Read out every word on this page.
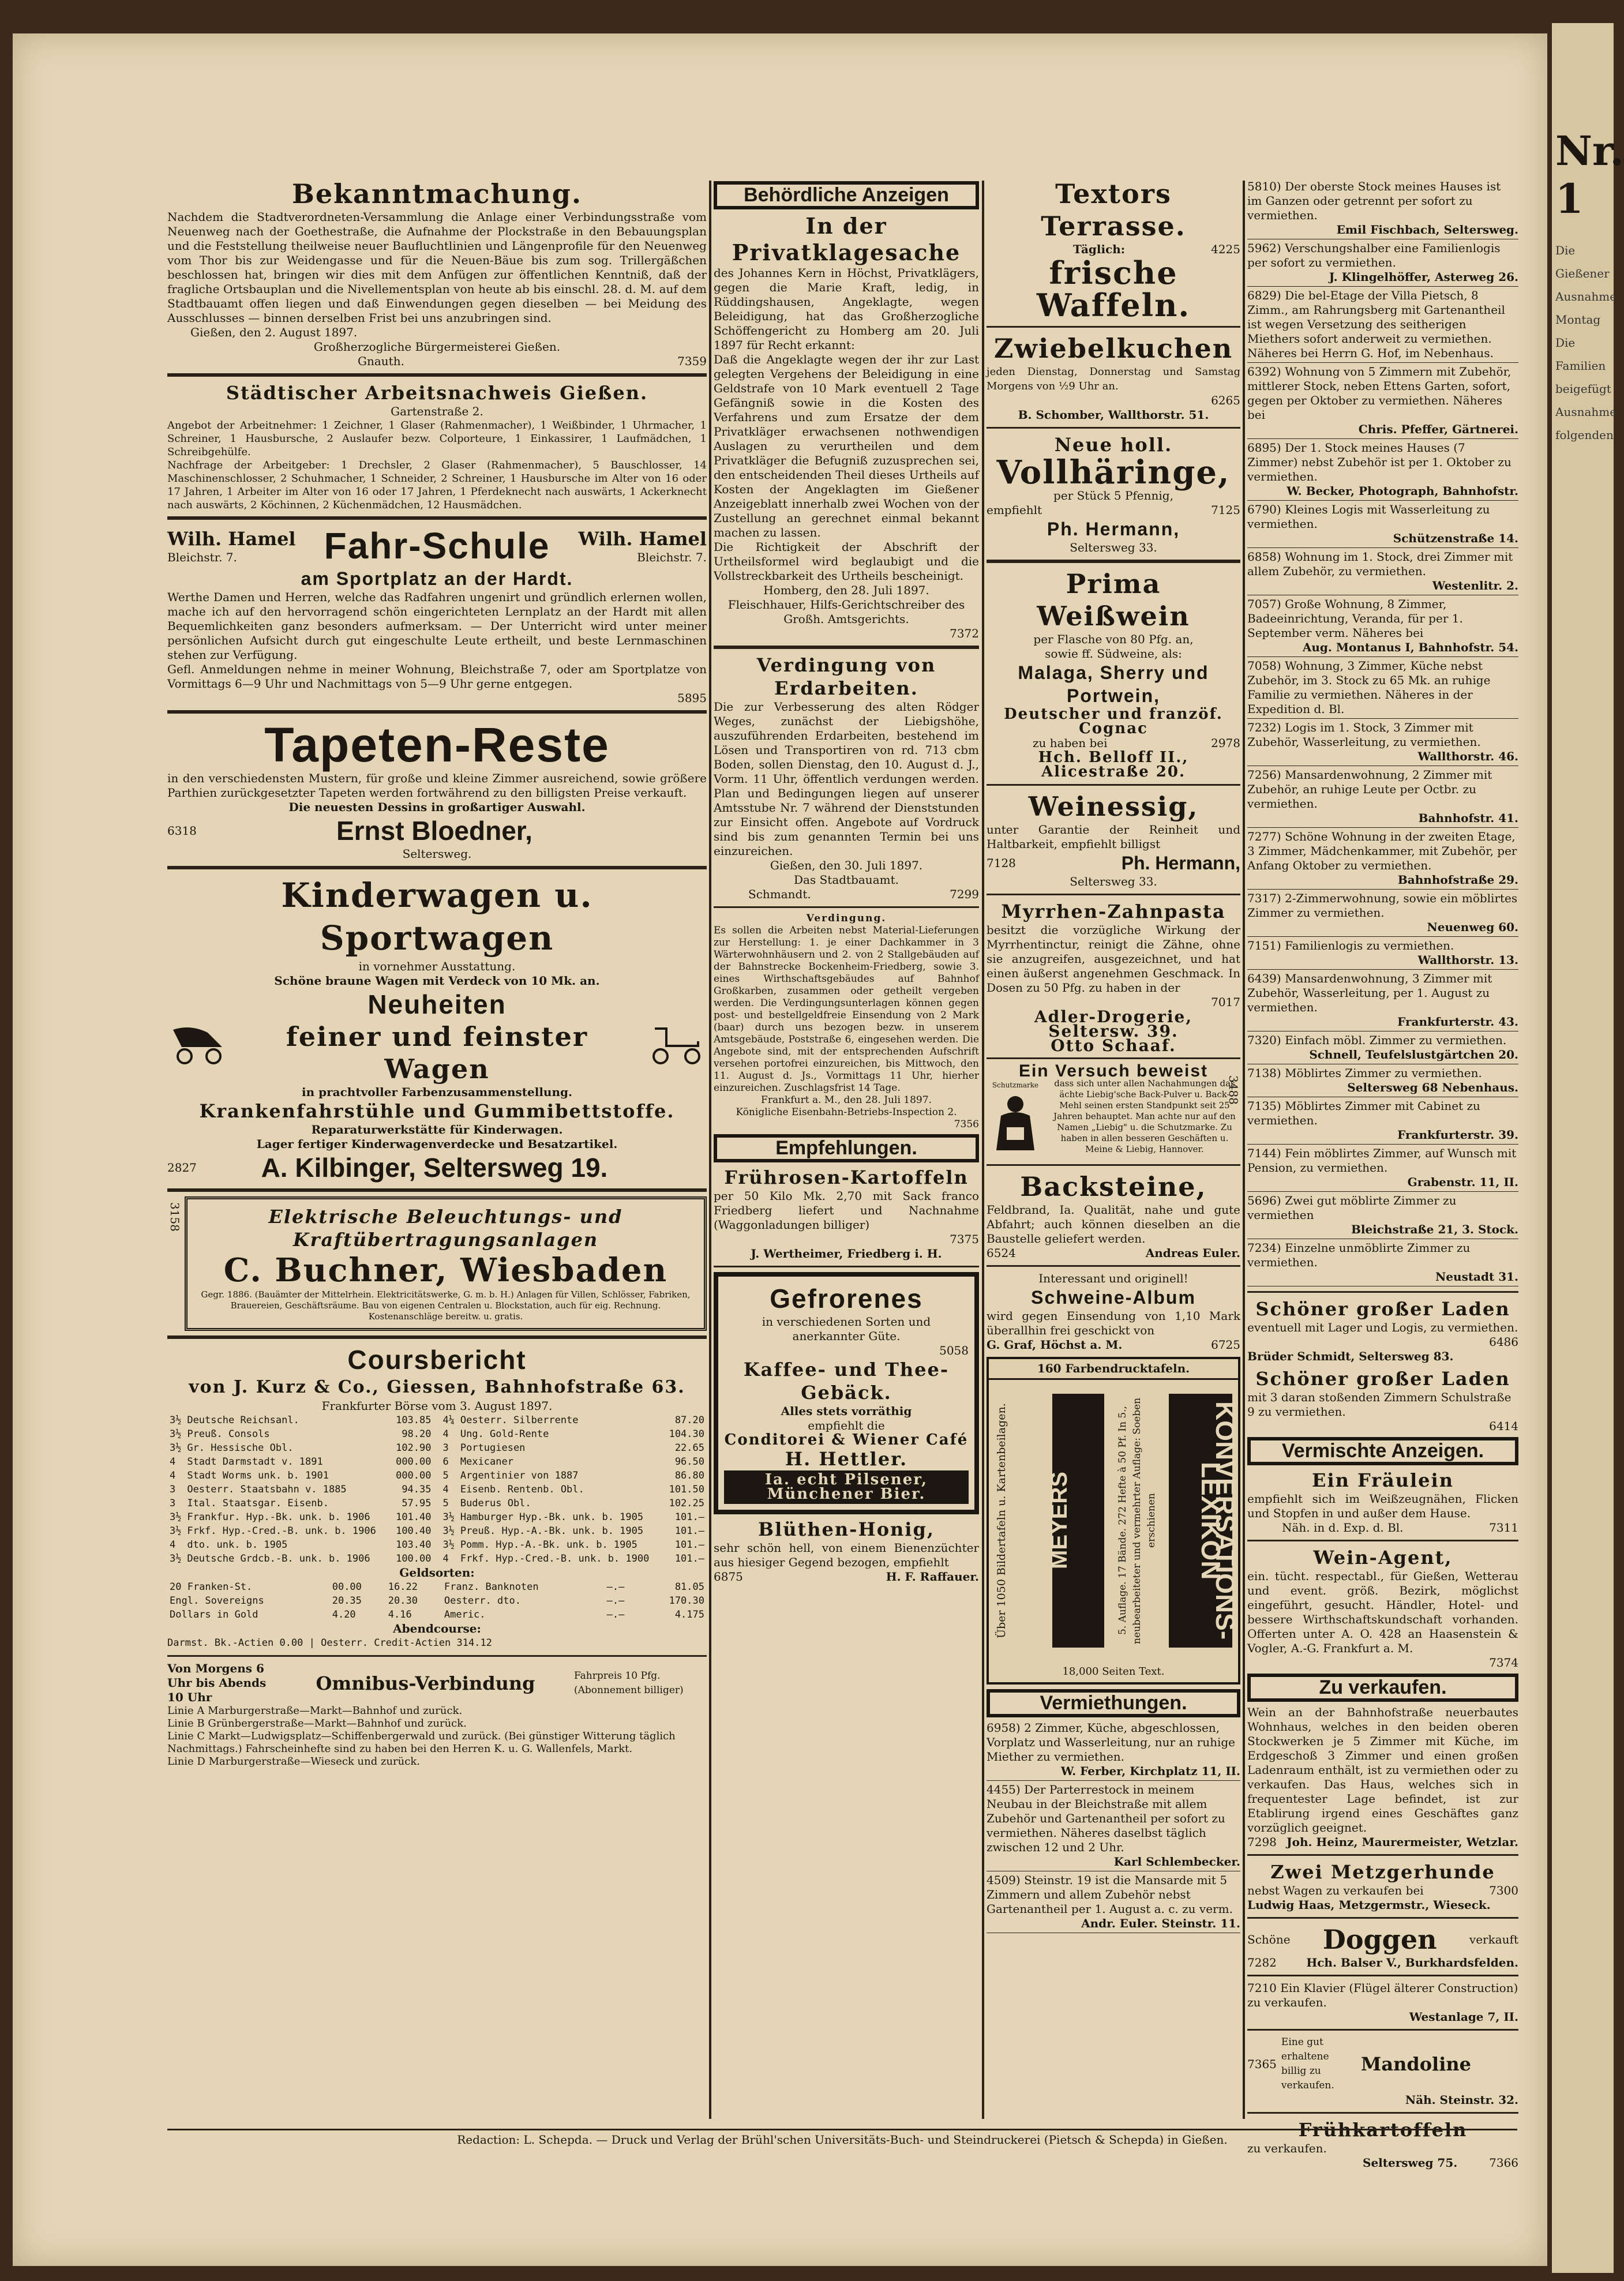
Bekanntmachung.
Nachdem die Stadtverordneten-Versammlung die Anlage einer Verbindungsstraße vom Neuenweg nach der Goethestraße, die Aufnahme der Plockstraße in den Bebauungsplan und die Feststellung theilweise neuer Baufluchtlinien und Längenprofile für den Neuenweg vom Thor bis zur Weidengasse und für die Neuen-Bäue bis zum sog. Trillergäßchen beschlossen hat, bringen wir dies mit dem Anfügen zur öffentlichen Kenntniß, daß der fragliche Ortsbauplan und die Nivellementsplan von heute ab bis einschl. 28. d. M. auf dem Stadtbauamt offen liegen und daß Einwendungen gegen dieselben — bei Meidung des Ausschlusses — binnen derselben Frist bei uns anzubringen sind.
Gießen, den 2. August 1897.
Großherzogliche Bürgermeisterei Gießen.
Gnauth.	7359
Städtischer Arbeitsnachweis Gießen.
Gartenstraße 2.
Angebot der Arbeitnehmer: 1 Zeichner, 1 Glaser (Rahmenmacher), 1 Weißbinder, 1 Uhrmacher, 1 Schreiner, 1 Hausbursche, 2 Auslaufer bezw. Colporteure, 1 Einkassirer, 1 Laufmädchen, 1 Schreibgehülfe.
Nachfrage der Arbeitgeber: 1 Drechsler, 2 Glaser (Rahmenmacher), 5 Bauschlosser, 14 Maschinenschlosser, 2 Schuhmacher, 1 Schneider, 2 Schreiner, 1 Hausbursche im Alter von 16 oder 17 Jahren, 1 Arbeiter im Alter von 16 oder 17 Jahren, 1 Pferdeknecht nach auswärts, 1 Ackerknecht nach auswärts, 2 Köchinnen, 2 Küchenmädchen, 12 Hausmädchen.
Wilh. Hamel
Bleichstr. 7.	Fahr-Schule Wilh. Hamel
Bleichstr. 7.
am Sportplatz an der Hardt.
Werthe Damen und Herren, welche das Radfahren ungenirt und gründlich erlernen wollen, mache ich auf den hervorragend schön eingerichteten Lernplatz an der Hardt mit allen Bequemlichkeiten ganz besonders aufmerksam. — Der Unterricht wird unter meiner persönlichen Aufsicht durch gut eingeschulte Leute ertheilt, und beste Lernmaschinen stehen zur Verfügung.
Gefl. Anmeldungen nehme in meiner Wohnung, Bleichstraße 7, oder am Sportplatze von Vormittags 6—9 Uhr und Nachmittags von 5—9 Uhr gerne entgegen.
5895
Tapeten-Reste
in den verschiedensten Mustern, für große und kleine Zimmer ausreichend, sowie größere Parthien zurückgesetzter Tapeten werden fortwährend zu den billigsten Preise verkauft.
Die neuesten Dessins in großartiger Auswahl.
6318	Ernst Bloedner,
Seltersweg.
Kinderwagen u. Sportwagen
in vornehmer Ausstattung.
Schöne braune Wagen mit Verdeck von 10 Mk. an.
Neuheiten
feiner und feinster Wagen
in prachtvoller Farbenzusammenstellung.
Krankenfahrstühle und Gummibettstoffe.
Reparaturwerkstätte für Kinderwagen.
Lager fertiger Kinderwagenverdecke und Besatzartikel.
2827 A. Kilbinger, Seltersweg 19.
3158	Elektrische Beleuchtungs- und
Kraftübertragungsanlagen
C. Buchner, Wiesbaden
Gegr. 1886. (Bauämter der Mittelrhein. Elektricitätswerke, G. m. b. H.) Anlagen für Villen, Schlösser, Fabriken, Brauereien, Geschäftsräume. Bau von eigenen Centralen u. Blockstation, auch für eig. Rechnung. Kostenanschläge bereitw. u. gratis.
Coursbericht
von J. Kurz & Co., Giessen, Bahnhofstraße 63.
Frankfurter Börse vom 3. August 1897.
3½	Deutsche Reichsanl.	103.85
3½	Preuß. Consols	98.20
3½	Gr. Hessische Obl.	102.90
4	Stadt Darmstadt v. 1891	000.00
4	Stadt Worms unk. b. 1901	000.00
3	Oesterr. Staatsbahn v. 1885	94.35
3	Ital. Staatsgar. Eisenb.	57.95
3½	Frankfur. Hyp.-Bk. unk. b. 1906	101.40
3½	Frkf. Hyp.-Cred.-B. unk. b. 1906	100.40
4	dto. unk. b. 1905	103.40
3½	Deutsche Grdcb.-B. unk. b. 1906	100.00
4¼	Oesterr. Silberrente	87.20
4	Ung. Gold-Rente	104.30
3	Portugiesen	22.65
6	Mexicaner	96.50
5	Argentinier von 1887	86.80
4	Eisenb. Rentenb. Obl.	101.50
5	Buderus Obl.	102.25
3½	Hamburger Hyp.-Bk. unk. b. 1905	101.—
3½	Preuß. Hyp.-A.-Bk. unk. b. 1905	101.—
3½	Pomm. Hyp.-A.-Bk. unk. b. 1905	101.—
4	Frkf. Hyp.-Cred.-B. unk. b. 1900	101.—
Geldsorten:
20 Franken-St.	00.00	16.22	Franz. Banknoten	—.—	81.05
Engl. Sovereigns	20.35	20.30	Oesterr. dto.	—.—	170.30
Dollars in Gold	4.20	4.16	Americ.	—.—	4.175
Abendcourse:
Darmst. Bk.-Actien 0.00 | Oesterr. Credit-Actien 314.12
Von Morgens 6 Uhr bis Abends 10 Uhr
Omnibus-Verbindung	Fahrpreis 10 Pfg. (Abonnement billiger)
Linie A Marburgerstraße—Markt—Bahnhof und zurück.
Linie B Grünbergerstraße—Markt—Bahnhof und zurück.
Linie C Markt—Ludwigsplatz—Schiffenbergerwald und zurück. (Bei günstiger Witterung täglich Nachmittags.) Fahrscheinhefte sind zu haben bei den Herren K. u. G. Wallenfels, Markt.
Linie D Marburgerstraße—Wieseck und zurück.
Behördliche Anzeigen
In der Privatklagesache
des Johannes Kern in Höchst, Privatklägers, gegen die Marie Kraft, ledig, in Rüddingshausen, Angeklagte, wegen Beleidigung, hat das Großherzogliche Schöffengericht zu Homberg am 20. Juli 1897 für Recht erkannt:
Daß die Angeklagte wegen der ihr zur Last gelegten Vergehens der Beleidigung in eine Geldstrafe von 10 Mark eventuell 2 Tage Gefängniß sowie in die Kosten des Verfahrens und zum Ersatze der dem Privatkläger erwachsenen nothwendigen Auslagen zu verurtheilen und dem Privatkläger die Befugniß zuzusprechen sei, den entscheidenden Theil dieses Urtheils auf Kosten der Angeklagten im Gießener Anzeigeblatt innerhalb zwei Wochen von der Zustellung an gerechnet einmal bekannt machen zu lassen.
Die Richtigkeit der Abschrift der Urtheilsformel wird beglaubigt und die Vollstreckbarkeit des Urtheils bescheinigt.
Homberg, den 28. Juli 1897.
Fleischhauer, Hilfs-Gerichtschreiber des Großh. Amtsgerichts.
7372
Verdingung von Erdarbeiten.
Die zur Verbesserung des alten Rödger Weges, zunächst der Liebigshöhe, auszuführenden Erdarbeiten, bestehend im Lösen und Transportiren von rd. 713 cbm Boden, sollen Dienstag, den 10. August d. J., Vorm. 11 Uhr, öffentlich verdungen werden. Plan und Bedingungen liegen auf unserer Amtsstube Nr. 7 während der Dienststunden zur Einsicht offen. Angebote auf Vordruck sind bis zum genannten Termin bei uns einzureichen.
Gießen, den 30. Juli 1897.
Das Stadtbauamt.
Schmandt.	7299
Verdingung.
Es sollen die Arbeiten nebst Material-Lieferungen zur Herstellung: 1. je einer Dachkammer in 3 Wärterwohnhäusern und 2. von 2 Stallgebäuden auf der Bahnstrecke Bockenheim-Friedberg, sowie 3. eines Wirthschaftsgebäudes auf Bahnhof Großkarben, zusammen oder getheilt vergeben werden. Die Verdingungsunterlagen können gegen post- und bestellgeldfreie Einsendung von 2 Mark (baar) durch uns bezogen bezw. in unserem Amtsgebäude, Poststraße 6, eingesehen werden. Die Angebote sind, mit der entsprechenden Aufschrift versehen portofrei einzureichen, bis Mittwoch, den 11. August d. Js., Vormittags 11 Uhr, hierher einzureichen. Zuschlagsfrist 14 Tage.
Frankfurt a. M., den 28. Juli 1897.
Königliche Eisenbahn-Betriebs-Inspection 2.
7356
Empfehlungen.
Frührosen-Kartoffeln
per 50 Kilo Mk. 2,70 mit Sack franco Friedberg liefert und Nachnahme (Waggonladungen billiger)
7375
J. Wertheimer, Friedberg i. H.
Gefrorenes
in verschiedenen Sorten und anerkannter Güte.
5058
Kaffee- und Thee-Gebäck.
Alles stets vorräthig
empfiehlt die
Conditorei & Wiener Café
H. Hettler.
Ia. echt Pilsener, Münchener Bier.
Blüthen-Honig,
sehr schön hell, von einem Bienenzüchter aus hiesiger Gegend bezogen, empfiehlt
6875	H. F. Raffauer.
Textors Terrasse.
Täglich:	4225
frische Waffeln.
Zwiebelkuchen
jeden Dienstag, Donnerstag und Samstag Morgens von ½9 Uhr an.
6265
B. Schomber, Wallthorstr. 51.
Neue holl.
Vollhäringe,
per Stück 5 Pfennig,
empfiehlt	7125
Ph. Hermann,
Seltersweg 33.
Prima Weißwein
per Flasche von 80 Pfg. an,
sowie ff. Südweine, als:
Malaga, Sherry und Portwein,
Deutscher und franzöf. Cognac
zu haben bei	2978
Hch. Belloff II., Alicestraße 20.
Weinessig,
unter Garantie der Reinheit und Haltbarkeit, empfiehlt billigst
7128	Ph. Hermann,
Seltersweg 33.
Myrrhen-Zahnpasta
besitzt die vorzügliche Wirkung der Myrrhentinctur, reinigt die Zähne, ohne sie anzugreifen, ausgezeichnet, und hat einen äußerst angenehmen Geschmack. In Dosen zu 50 Pfg. zu haben in der
7017
Adler-Drogerie, Seltersw. 39.
Otto Schaaf.
Ein Versuch beweist
Schutzmarke	dass sich unter allen Nachahmungen das ächte Liebig'sche Back-Pulver u. Back-Mehl seinen ersten Standpunkt seit 25 Jahren behauptet. Man achte nur auf den Namen „Liebig" u. die Schutzmarke. Zu haben in allen besseren Geschäften u. Meine & Liebig, Hannover.
3488
Backsteine,
Feldbrand, Ia. Qualität, nahe und gute Abfahrt; auch können dieselben an die Baustelle geliefert werden.
6524	Andreas Euler.
Interessant und originell!
Schweine-Album
wird gegen Einsendung von 1,10 Mark überallhin frei geschickt von
G. Graf, Höchst a. M.	6725
160 Farbendrucktafeln.
Über 1050 Bildertafeln u. Kartenbeilagen.	MEYERS	5. Auflage. 17 Bände. 272 Hefte à 50 Pf. In 5., neubearbeiteter und vermehrter Auflage: Soeben erschienen	KONVERSATIONS-LEXIKON
18,000 Seiten Text.
Vermiethungen.
6958) 2 Zimmer, Küche, abgeschlossen, Vorplatz und Wasserleitung, nur an ruhige Miether zu vermiethen.
W. Ferber, Kirchplatz 11, II.
4455) Der Parterrestock in meinem Neubau in der Bleichstraße mit allem Zubehör und Gartenantheil per sofort zu vermiethen. Näheres daselbst täglich zwischen 12 und 2 Uhr.
Karl Schlembecker.
4509) Steinstr. 19 ist die Mansarde mit 5 Zimmern und allem Zubehör nebst Gartenantheil per 1. August a. c. zu verm.
Andr. Euler. Steinstr. 11.
5810) Der oberste Stock meines Hauses ist im Ganzen oder getrennt per sofort zu vermiethen.
Emil Fischbach, Seltersweg.
5962) Verschungshalber eine Familienlogis per sofort zu vermiethen.
J. Klingelhöffer, Asterweg 26.
6829) Die bel-Etage der Villa Pietsch, 8 Zimm., am Rahrungsberg mit Gartenantheil ist wegen Versetzung des seitherigen Miethers sofort anderweit zu vermiethen. Näheres bei Herrn G. Hof, im Nebenhaus.
6392) Wohnung von 5 Zimmern mit Zubehör, mittlerer Stock, neben Ettens Garten, sofort, gegen per Oktober zu vermiethen. Näheres bei
Chris. Pfeffer, Gärtnerei.
6895) Der 1. Stock meines Hauses (7 Zimmer) nebst Zubehör ist per 1. Oktober zu vermiethen.
W. Becker, Photograph, Bahnhofstr.
6790) Kleines Logis mit Wasserleitung zu vermiethen.
Schützenstraße 14.
6858) Wohnung im 1. Stock, drei Zimmer mit allem Zubehör, zu vermiethen.
Westenlitr. 2.
7057) Große Wohnung, 8 Zimmer, Badeeinrichtung, Veranda, für per 1. September verm. Näheres bei
Aug. Montanus I, Bahnhofstr. 54.
7058) Wohnung, 3 Zimmer, Küche nebst Zubehör, im 3. Stock zu 65 Mk. an ruhige Familie zu vermiethen. Näheres in der Expedition d. Bl.
7232) Logis im 1. Stock, 3 Zimmer mit Zubehör, Wasserleitung, zu vermiethen.
Wallthorstr. 46.
7256) Mansardenwohnung, 2 Zimmer mit Zubehör, an ruhige Leute per Octbr. zu vermiethen.
Bahnhofstr. 41.
7277) Schöne Wohnung in der zweiten Etage, 3 Zimmer, Mädchenkammer, mit Zubehör, per Anfang Oktober zu vermiethen.
Bahnhofstraße 29.
7317) 2-Zimmerwohnung, sowie ein möblirtes Zimmer zu vermiethen.
Neuenweg 60.
7151) Familienlogis zu vermiethen.
Wallthorstr. 13.
6439) Mansardenwohnung, 3 Zimmer mit Zubehör, Wasserleitung, per 1. August zu vermiethen.
Frankfurterstr. 43.
7320) Einfach möbl. Zimmer zu vermiethen.
Schnell, Teufelslustgärtchen 20.
7138) Möblirtes Zimmer zu vermiethen.
Seltersweg 68 Nebenhaus.
7135) Möblirtes Zimmer mit Cabinet zu vermiethen.
Frankfurterstr. 39.
7144) Fein möblirtes Zimmer, auf Wunsch mit Pension, zu vermiethen.
Grabenstr. 11, II.
5696) Zwei gut möblirte Zimmer zu vermiethen
Bleichstraße 21, 3. Stock.
7234) Einzelne unmöblirte Zimmer zu vermiethen.
Neustadt 31.
Schöner großer Laden
eventuell mit Lager und Logis, zu vermiethen.
6486
Brüder Schmidt, Seltersweg 83.
Schöner großer Laden
mit 3 daran stoßenden Zimmern Schulstraße 9 zu vermiethen.
6414
Vermischte Anzeigen.
Ein Fräulein
empfiehlt sich im Weißzeugnähen, Flicken und Stopfen in und außer dem Hause.
Näh. in d. Exp. d. Bl.	7311
Wein-Agent,
ein. tücht. respectabl., für Gießen, Wetterau und event. größ. Bezirk, möglichst eingeführt, gesucht. Händler, Hotel- und bessere Wirthschaftskundschaft vorhanden. Offerten unter A. O. 428 an Haasenstein & Vogler, A.-G. Frankfurt a. M.
7374
Zu verkaufen.
Wein an der Bahnhofstraße neuerbautes Wohnhaus, welches in den beiden oberen Stockwerken je 5 Zimmer mit Küche, im Erdgeschoß 3 Zimmer und einen großen Ladenraum enthält, ist zu vermiethen oder zu verkaufen. Das Haus, welches sich in frequentester Lage befindet, ist zur Etablirung irgend eines Geschäftes ganz vorzüglich geeignet.
7298 Joh. Heinz, Maurermeister, Wetzlar.
Zwei Metzgerhunde
nebst Wagen zu verkaufen bei	7300
Ludwig Haas, Metzgermstr., Wieseck.
Schöne Doggen	verkauft
7282	Hch. Balser V., Burkhardsfelden.
7210 Ein Klavier (Flügel älterer Construction) zu verkaufen.
Westanlage 7, II.
7365
Eine gut erhaltene billig zu verkaufen.
Mandoline
Näh. Steinstr. 32.
Frühkartoffeln
zu verkaufen.
Seltersweg 75.	7366
Redaction: L. Schepda. — Druck und Verlag der Brühl'schen Universitäts-Buch- und Steindruckerei (Pietsch & Schepda) in Gießen.
Nr. 1
Die
Gießener
Ausnahme
Montag
Die
Familien
beigefügt
Ausnahme
folgenden
